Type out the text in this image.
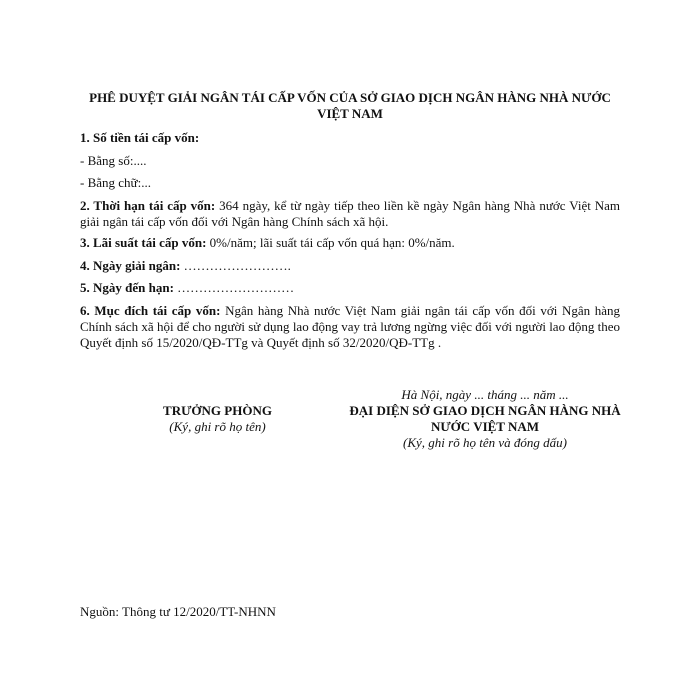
PHÊ DUYỆT GIẢI NGÂN TÁI CẤP VỐN CỦA SỞ GIAO DỊCH NGÂN HÀNG NHÀ NƯỚC VIỆT NAM
1. Số tiền tái cấp vốn:
- Bằng số:....
- Bằng chữ:...
2. Thời hạn tái cấp vốn: 364 ngày, kể từ ngày tiếp theo liền kề ngày Ngân hàng Nhà nước Việt Nam giải ngân tái cấp vốn đối với Ngân hàng Chính sách xã hội.
3. Lãi suất tái cấp vốn: 0%/năm; lãi suất tái cấp vốn quá hạn: 0%/năm.
4. Ngày giải ngân: …………………….
5. Ngày đến hạn: ………………………
6. Mục đích tái cấp vốn: Ngân hàng Nhà nước Việt Nam giải ngân tái cấp vốn đối với Ngân hàng Chính sách xã hội để cho người sử dụng lao động vay trả lương ngừng việc đối với người lao động theo Quyết định số 15/2020/QĐ-TTg và Quyết định số 32/2020/QĐ-TTg .
TRƯỞNG PHÒNG
(Ký, ghi rõ họ tên)
Hà Nội, ngày ... tháng ... năm ...
ĐẠI DIỆN SỞ GIAO DỊCH NGÂN HÀNG NHÀ NƯỚC VIỆT NAM
(Ký, ghi rõ họ tên và đóng dấu)
Nguồn: Thông tư 12/2020/TT-NHNN
